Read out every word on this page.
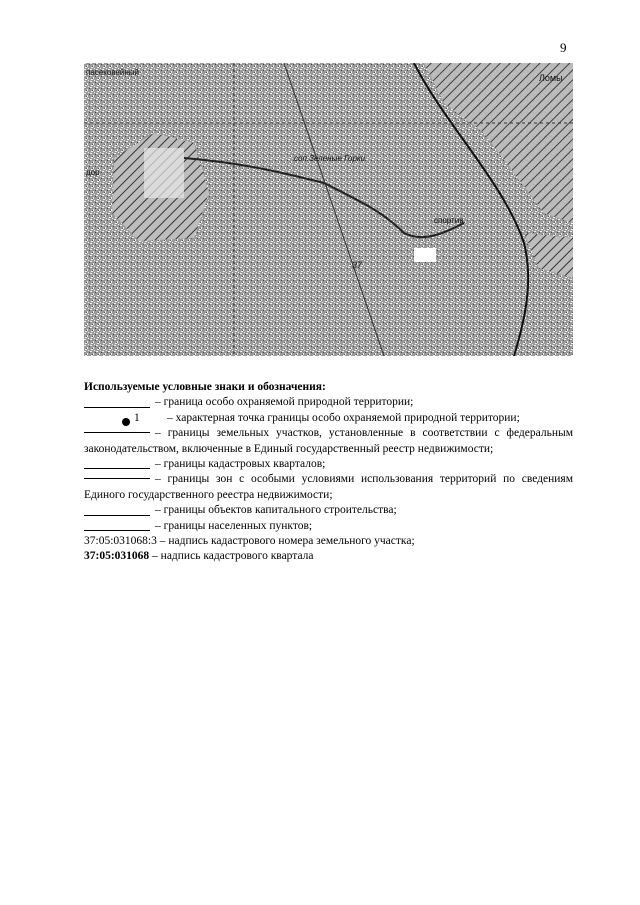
9
пасековейный
дор
соп.Зеленые Горки
спортив.
37
Ломы
Используемые условные знаки и обозначения:
– граница особо охраняемой природной территории;
1	– характерная точка границы особо охраняемой природной территории;
– границы земельных участков, установленные в соответствии с федеральным законодательством, включенные в Единый государственный реестр недвижимости;
– границы кадастровых кварталов;
– границы зон с особыми условиями использования территорий по сведениям Единого государственного реестра недвижимости;
– границы объектов капитального строительства;
– границы населенных пунктов;
37:05:031068:3 – надпись кадастрового номера земельного участка;
37:05:031068 – надпись кадастрового квартала
